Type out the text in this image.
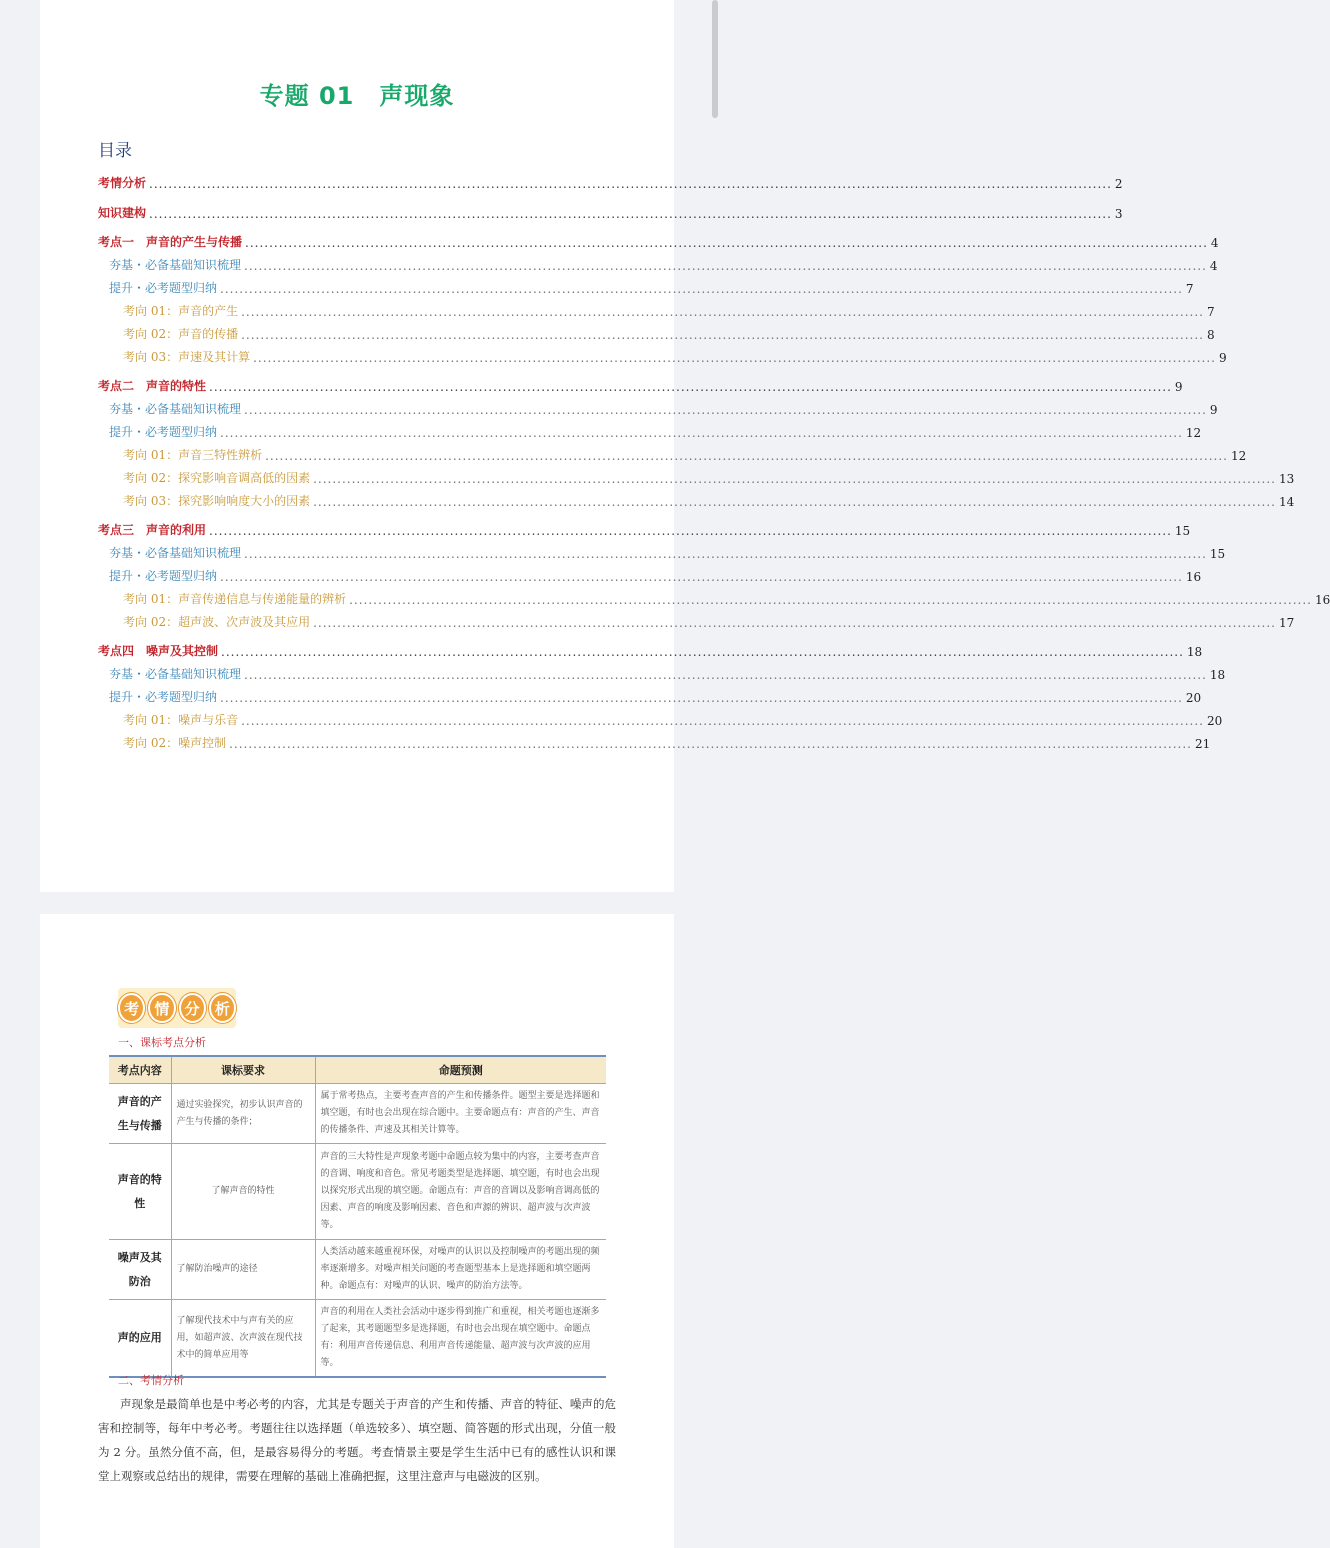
专题 01　声现象
目录
考情分析 ........................................................................................................................................................................................................ 2
知识建构 ........................................................................................................................................................................................................ 3
考点一　声音的产生与传播 ........................................................................................................................................................................................................ 4
夯基・必备基础知识梳理 ........................................................................................................................................................................................................ 4
提升・必考题型归纳 ........................................................................................................................................................................................................ 7
考向 01：声音的产生 ........................................................................................................................................................................................................ 7
考向 02：声音的传播 ........................................................................................................................................................................................................ 8
考向 03：声速及其计算 ........................................................................................................................................................................................................ 9
考点二　声音的特性 ........................................................................................................................................................................................................ 9
夯基・必备基础知识梳理 ........................................................................................................................................................................................................ 9
提升・必考题型归纳 ........................................................................................................................................................................................................ 12
考向 01：声音三特性辨析 ........................................................................................................................................................................................................ 12
考向 02：探究影响音调高低的因素 ........................................................................................................................................................................................................ 13
考向 03：探究影响响度大小的因素 ........................................................................................................................................................................................................ 14
考点三　声音的利用 ........................................................................................................................................................................................................ 15
夯基・必备基础知识梳理 ........................................................................................................................................................................................................ 15
提升・必考题型归纳 ........................................................................................................................................................................................................ 16
考向 01：声音传递信息与传递能量的辨析 ........................................................................................................................................................................................................ 16
考向 02：超声波、次声波及其应用 ........................................................................................................................................................................................................ 17
考点四　噪声及其控制 ........................................................................................................................................................................................................ 18
夯基・必备基础知识梳理 ........................................................................................................................................................................................................ 18
提升・必考题型归纳 ........................................................................................................................................................................................................ 20
考向 01：噪声与乐音 ........................................................................................................................................................................................................ 20
考向 02：噪声控制 ........................................................................................................................................................................................................ 21
考	情	分	析
一、课标考点分析
考点内容	课标要求	命题预测
声音的产生与传播	通过实验探究，初步认识声音的产生与传播的条件；	属于常考热点，主要考查声音的产生和传播条件。题型主要是选择题和填空题，有时也会出现在综合题中。主要命题点有：声音的产生、声音的传播条件、声速及其相关计算等。
声音的特性	了解声音的特性	声音的三大特性是声现象考题中命题点较为集中的内容，主要考查声音的音调、响度和音色。常见考题类型是选择题、填空题，有时也会出现以探究形式出现的填空题。命题点有：声音的音调以及影响音调高低的因素、声音的响度及影响因素、音色和声源的辨识、超声波与次声波等。
噪声及其防治	了解防治噪声的途径	人类活动越来越重视环保，对噪声的认识以及控制噪声的考题出现的频率逐渐增多。对噪声相关问题的考查题型基本上是选择题和填空题两种。命题点有：对噪声的认识、噪声的防治方法等。
声的应用	了解现代技术中与声有关的应用，如超声波、次声波在现代技术中的简单应用等	声音的利用在人类社会活动中逐步得到推广和重视，相关考题也逐渐多了起来，其考题题型多是选择题，有时也会出现在填空题中。命题点有：利用声音传递信息、利用声音传递能量、超声波与次声波的应用等。
二、考情分析
声现象是最简单也是中考必考的内容，尤其是专题关于声音的产生和传播、声音的特征、噪声的危害和控制等，每年中考必考。考题往往以选择题（单选较多）、填空题、简答题的形式出现，分值一般为 2 分。虽然分值不高，但，是最容易得分的考题。考查情景主要是学生生活中已有的感性认识和课堂上观察或总结出的规律，需要在理解的基础上准确把握，这里注意声与电磁波的区别。
